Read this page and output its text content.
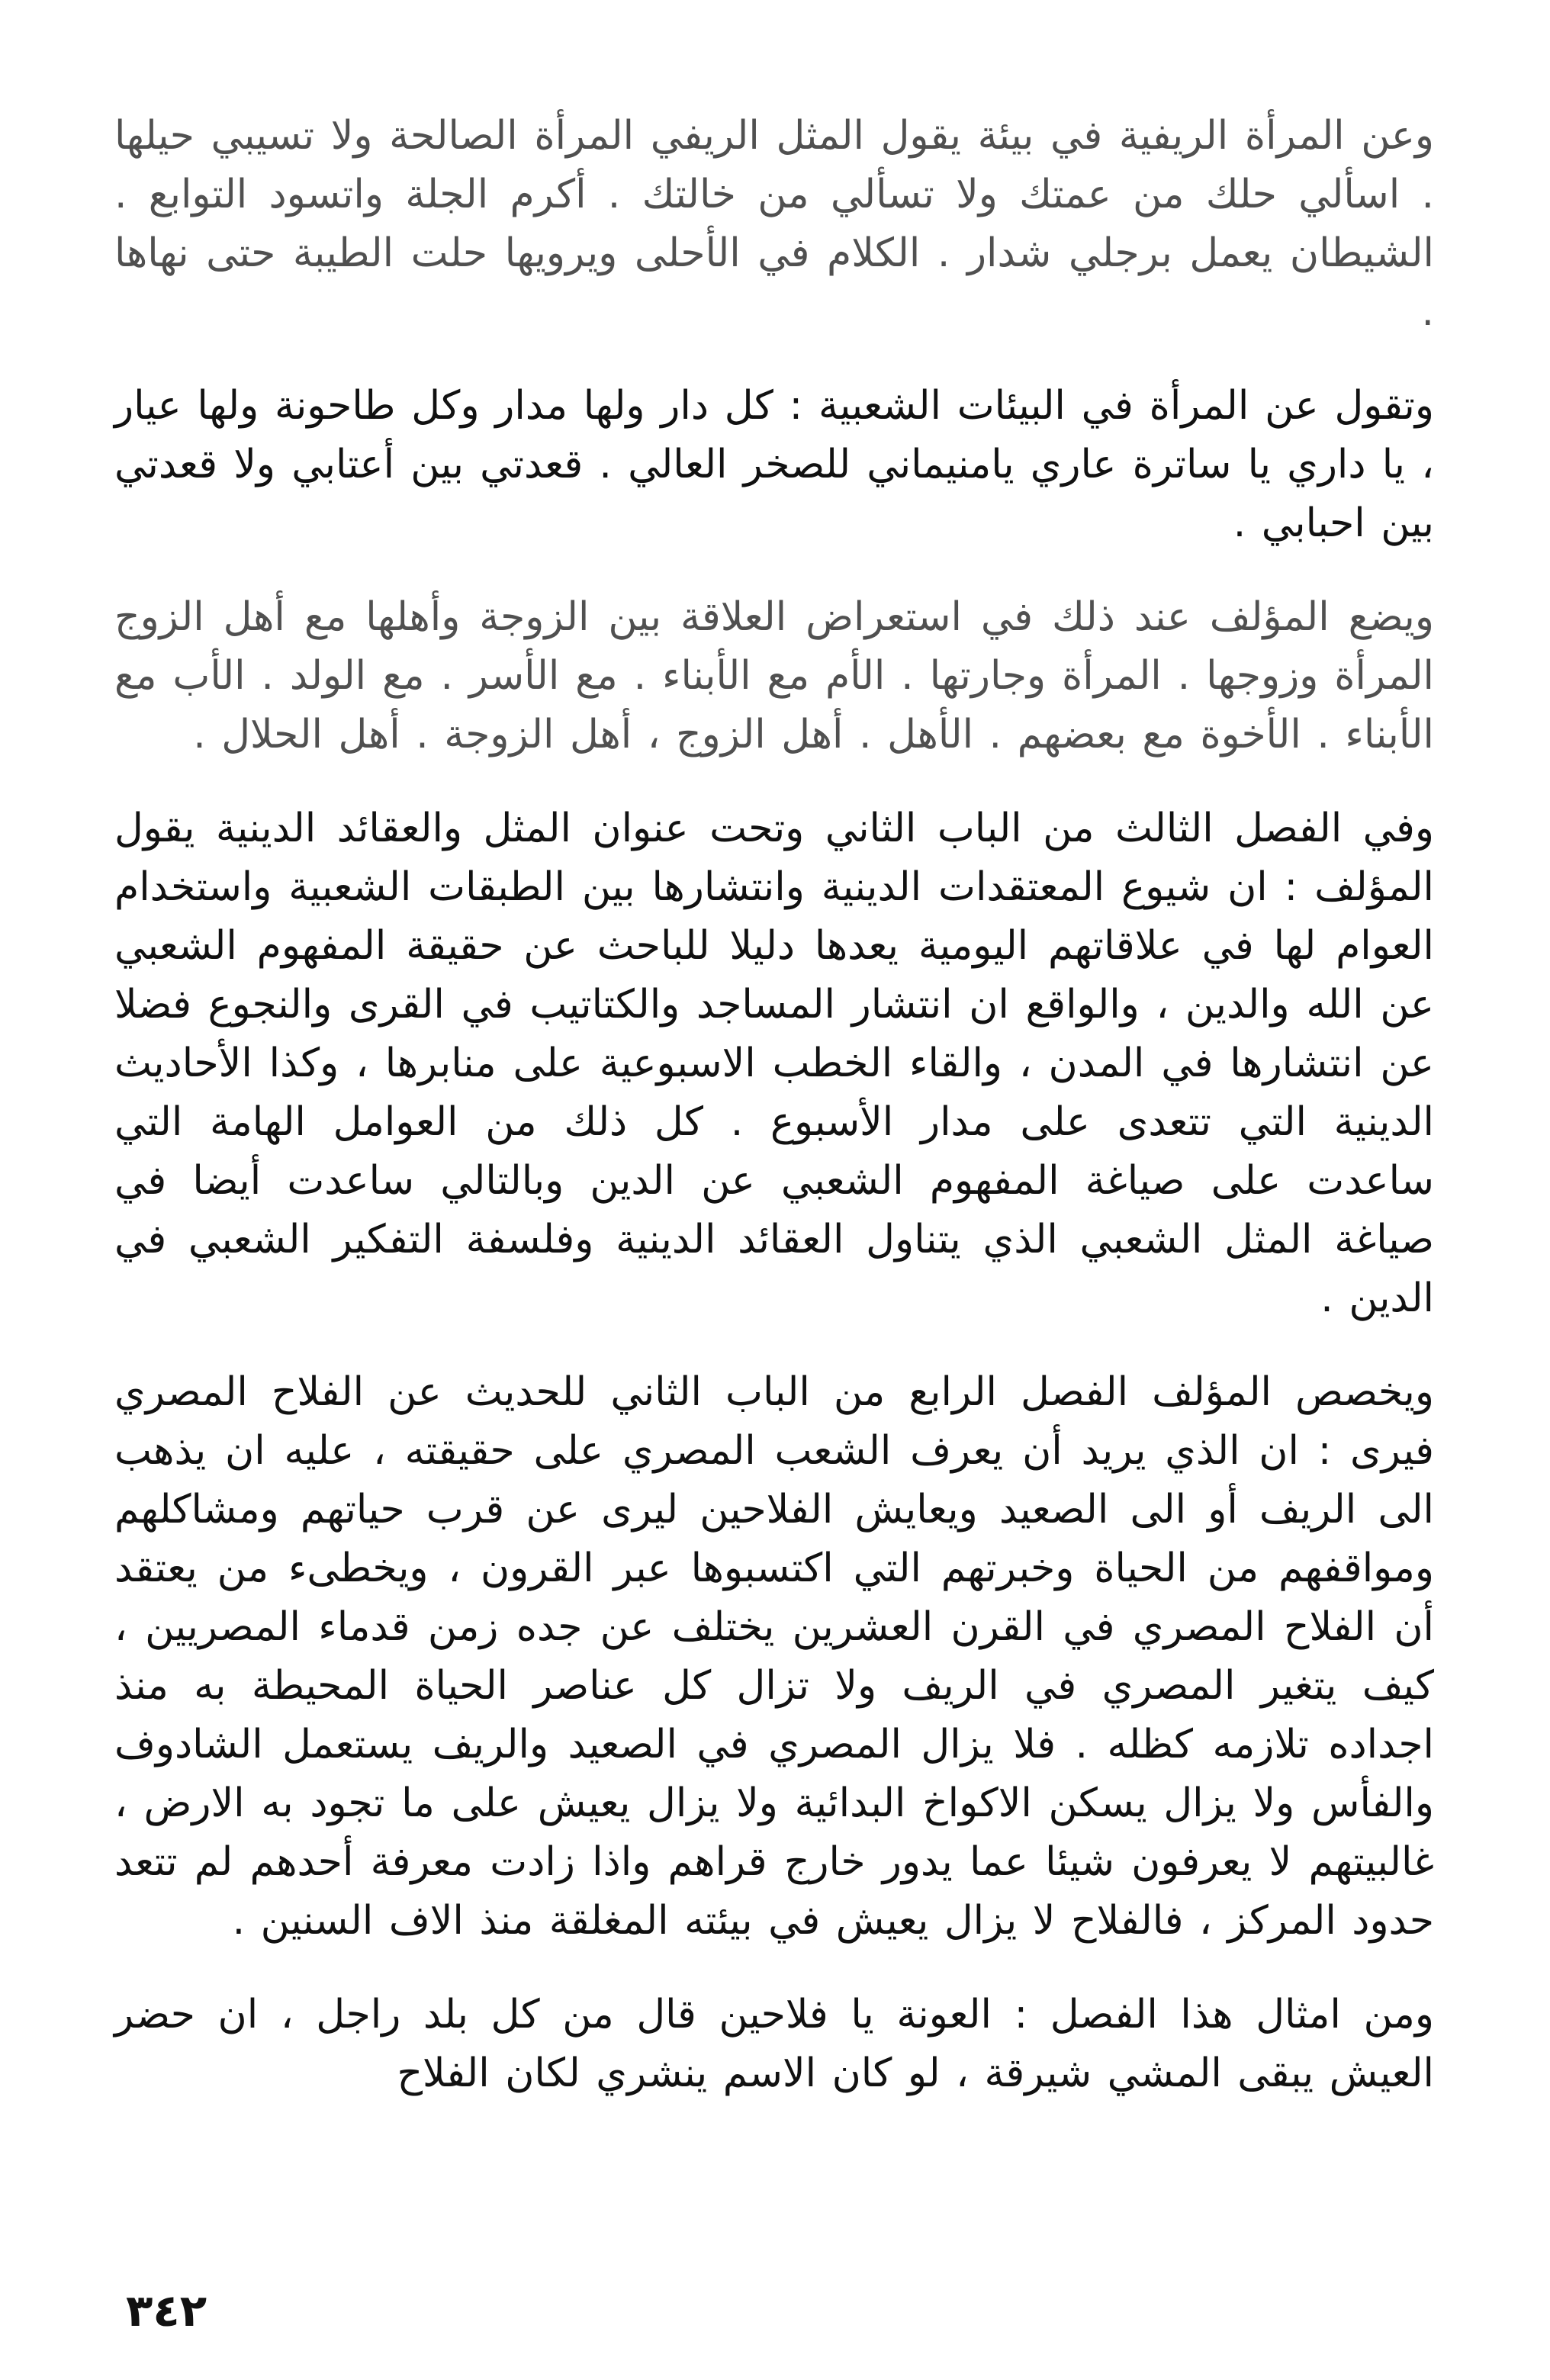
وعن المرأة الريفية في بيئة يقول المثل الريفي المرأة الصالحة ولا تسيبي حيلها . اسألي حلك من عمتك ولا تسألي من خالتك . أكرم الجلة واتسود التوابع . الشيطان يعمل برجلي شدار . الكلام في الأحلى ويرويها حلت الطيبة حتى نهاها .

وتقول عن المرأة في البيئات الشعبية : كل دار ولها مدار وكل طاحونة ولها عيار ، يا داري يا ساترة عاري يامنيماني للصخر العالي . قعدتي بين أعتابي ولا قعدتي بين احبابي .

ويضع المؤلف عند ذلك في استعراض العلاقة بين الزوجة وأهلها مع أهل الزوج المرأة وزوجها . المرأة وجارتها . الأم مع الأبناء . مع الأسر . مع الولد . الأب مع الأبناء . الأخوة مع بعضهم . الأهل . أهل الزوج ، أهل الزوجة . أهل الحلال .

وفي الفصل الثالث من الباب الثاني وتحت عنوان المثل والعقائد الدينية يقول المؤلف : ان شيوع المعتقدات الدينية وانتشارها بين الطبقات الشعبية واستخدام العوام لها في علاقاتهم اليومية يعدها دليلا للباحث عن حقيقة المفهوم الشعبي عن الله والدين ، والواقع ان انتشار المساجد والكتاتيب في القرى والنجوع فضلا عن انتشارها في المدن ، والقاء الخطب الاسبوعية على منابرها ، وكذا الأحاديث الدينية التي تتعدى على مدار الأسبوع . كل ذلك من العوامل الهامة التي ساعدت على صياغة المفهوم الشعبي عن الدين وبالتالي ساعدت أيضا في صياغة المثل الشعبي الذي يتناول العقائد الدينية وفلسفة التفكير الشعبي في الدين .

ويخصص المؤلف الفصل الرابع من الباب الثاني للحديث عن الفلاح المصري فيرى : ان الذي يريد أن يعرف الشعب المصري على حقيقته ، عليه ان يذهب الى الريف أو الى الصعيد ويعايش الفلاحين ليرى عن قرب حياتهم ومشاكلهم ومواقفهم من الحياة وخبرتهم التي اكتسبوها عبر القرون ، ويخطىء من يعتقد أن الفلاح المصري في القرن العشرين يختلف عن جده زمن قدماء المصريين ، كيف يتغير المصري في الريف ولا تزال كل عناصر الحياة المحيطة به منذ اجداده تلازمه كظله . فلا يزال المصري في الصعيد والريف يستعمل الشادوف والفأس ولا يزال يسكن الاكواخ البدائية ولا يزال يعيش على ما تجود به الارض ، غالبيتهم لا يعرفون شيئا عما يدور خارج قراهم واذا زادت معرفة أحدهم لم تتعد حدود المركز ، فالفلاح لا يزال يعيش في بيئته المغلقة منذ الاف السنين .

ومن امثال هذا الفصل : العونة يا فلاحين قال من كل بلد راجل ، ان حضر العيش يبقى المشي شيرقة ، لو كان الاسم ينشري لكان الفلاح

٣٤٢
